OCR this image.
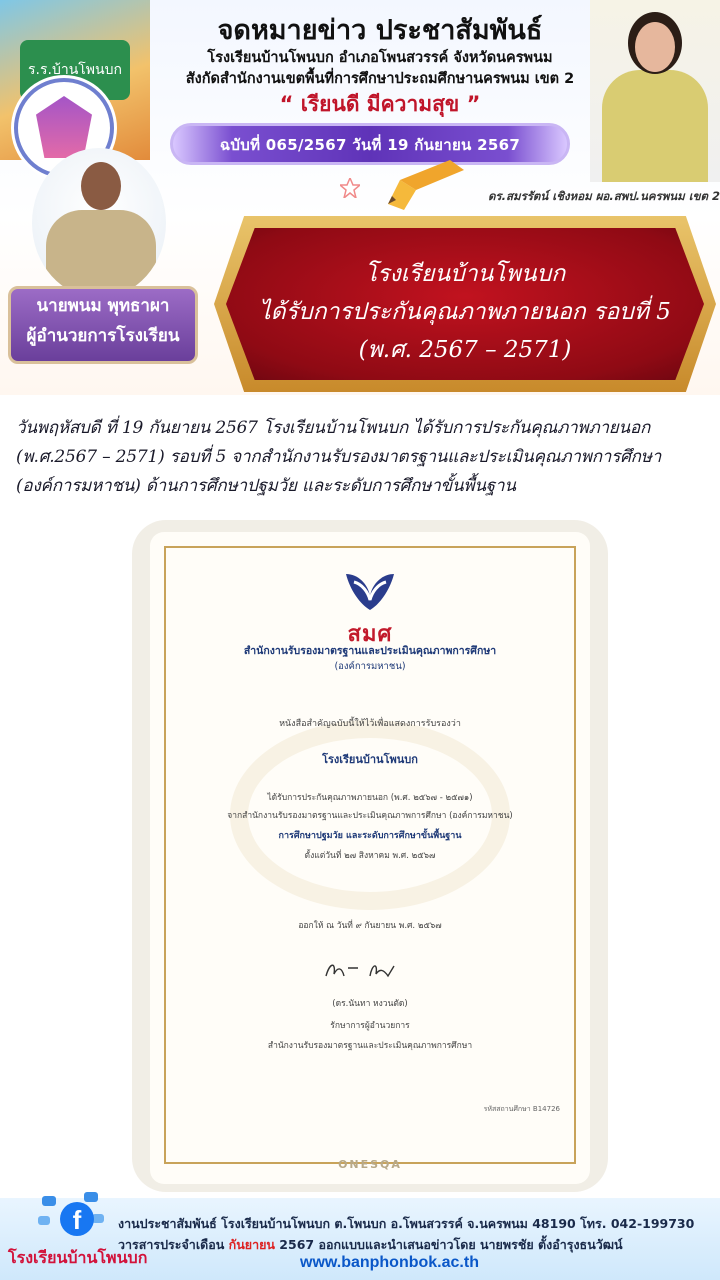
ร.ร.บ้านโพนบก
จดหมายข่าว ประชาสัมพันธ์
โรงเรียนบ้านโพนบก อำเภอโพนสวรรค์ จังหวัดนครพนม
สังกัดสำนักงานเขตพื้นที่การศึกษาประถมศึกษานครพนม เขต 2
“ เรียนดี มีความสุข ”
ฉบับที่ 065/2567 วันที่ 19 กันยายน 2567
ดร.สมรรัตน์ เชิงหอม ผอ.สพป.นครพนม เขต 2
นายพนม พุทธาผา
ผู้อำนวยการโรงเรียน
โรงเรียนบ้านโพนบก
ได้รับการประกันคุณภาพภายนอก รอบที่ 5
(พ.ศ. 2567 – 2571)
วันพฤหัสบดี ที่ 19 กันยายน 2567 โรงเรียนบ้านโพนบก ได้รับการประกันคุณภาพภายนอก (พ.ศ.2567 – 2571) รอบที่ 5 จากสำนักงานรับรองมาตรฐานและประเมินคุณภาพการศึกษา (องค์การมหาชน) ด้านการศึกษาปฐมวัย และระดับการศึกษาขั้นพื้นฐาน
สมศ
สำนักงานรับรองมาตรฐานและประเมินคุณภาพการศึกษา
(องค์การมหาชน)
หนังสือสำคัญฉบับนี้ให้ไว้เพื่อแสดงการรับรองว่า
โรงเรียนบ้านโพนบก
ได้รับการประกันคุณภาพภายนอก (พ.ศ. ๒๕๖๗ - ๒๕๗๑)
จากสำนักงานรับรองมาตรฐานและประเมินคุณภาพการศึกษา (องค์การมหาชน)
การศึกษาปฐมวัย และระดับการศึกษาขั้นพื้นฐาน
ตั้งแต่วันที่ ๒๗ สิงหาคม พ.ศ. ๒๕๖๗
ออกให้ ณ วันที่ ๙ กันยายน พ.ศ. ๒๕๖๗
(ดร.นันทา หงวนตัด)
รักษาการผู้อำนวยการ
สำนักงานรับรองมาตรฐานและประเมินคุณภาพการศึกษา
รหัสสถานศึกษา B14726
ONESQA
f
โรงเรียนบ้านโพนบก
งานประชาสัมพันธ์ โรงเรียนบ้านโพนบก ต.โพนบก อ.โพนสวรรค์ จ.นครพนม 48190 โทร. 042-199730
วารสารประจำเดือน กันยายน 2567 ออกแบบและนำเสนอข่าวโดย นายพรชัย ตั้งอำรุงธนวัฒน์
www.banphonbok.ac.th
